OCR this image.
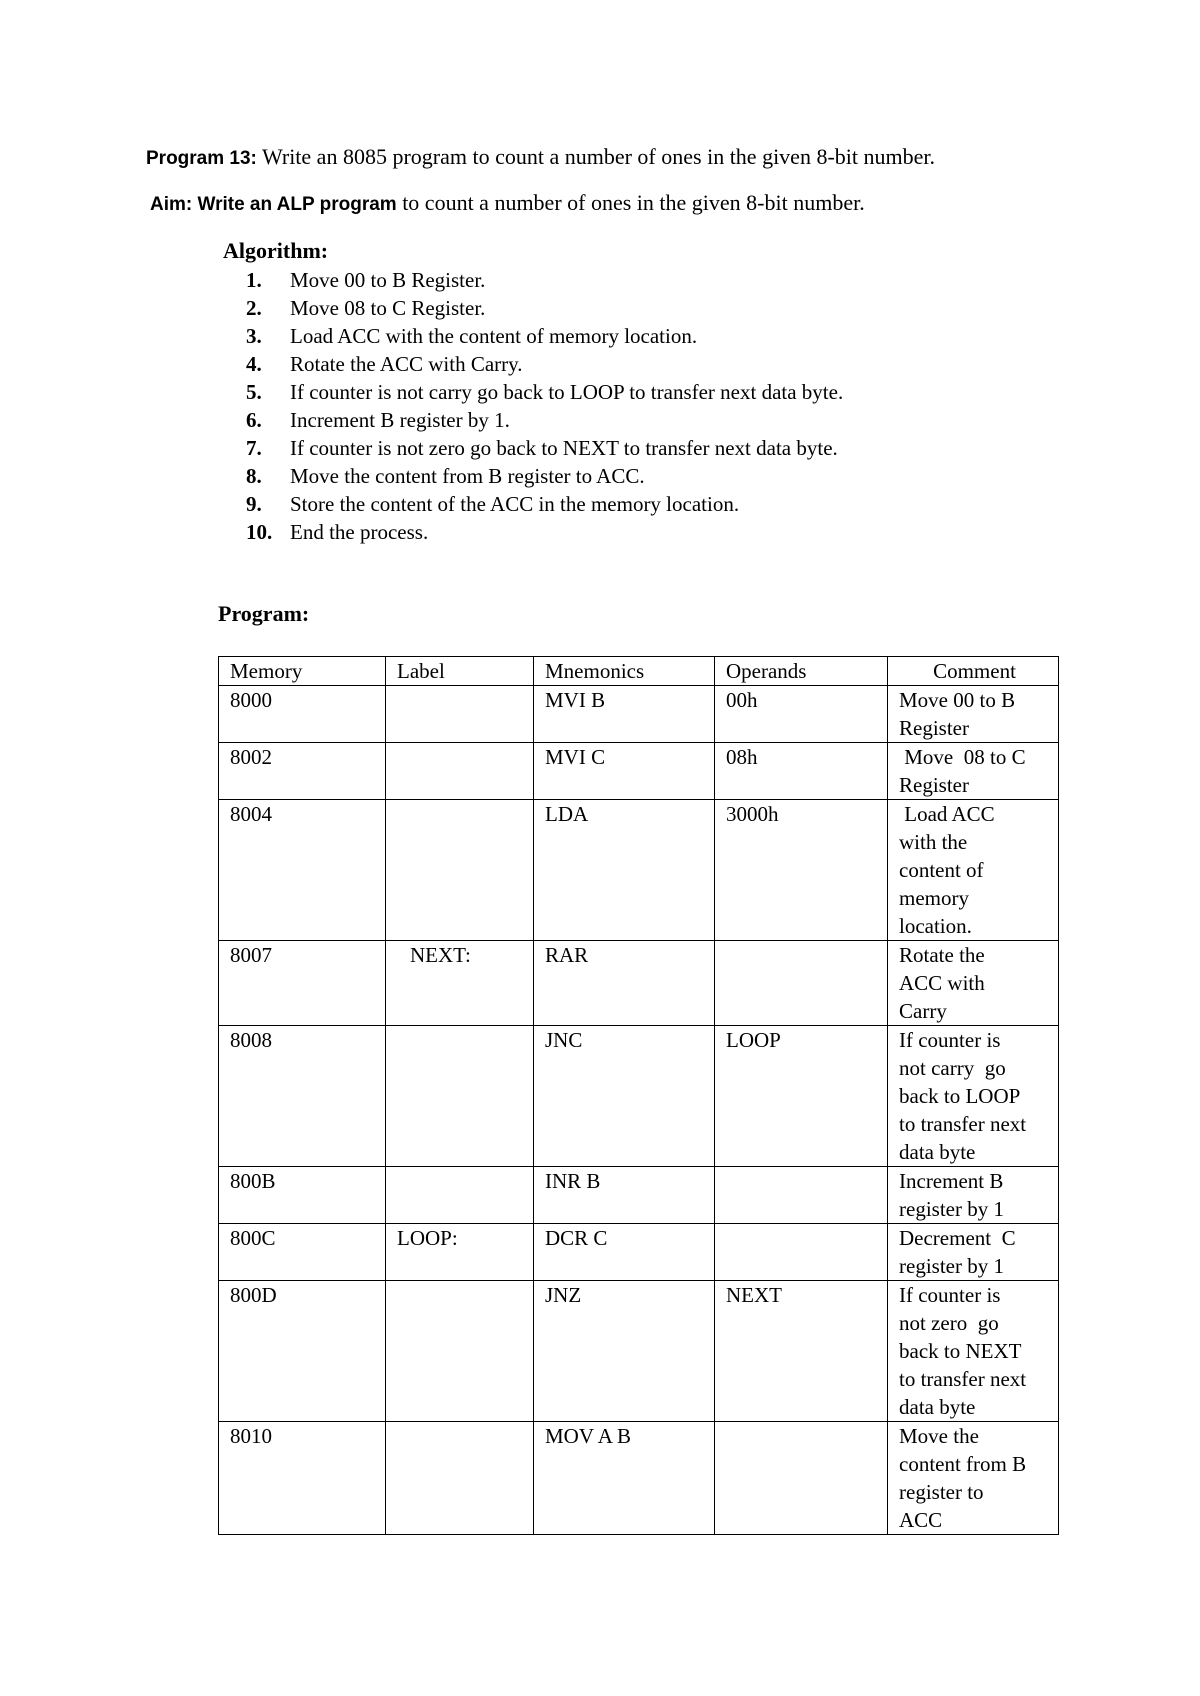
Program 13: Write an 8085 program to count a number of ones in the given 8-bit number.
Aim: Write an ALP program to count a number of ones in the given 8-bit number.
Algorithm:
1. Move 00 to B Register.
2. Move 08 to C Register.
3. Load ACC with the content of memory location.
4. Rotate the ACC with Carry.
5. If counter is not carry go back to LOOP to transfer next data byte.
6. Increment B register by 1.
7. If counter is not zero go back to NEXT to transfer next data byte.
8. Move the content from B register to ACC.
9. Store the content of the ACC in the memory location.
10. End the process.
Program:
Memory	Label	Mnemonics	Operands	Comment
8000		MVI B	00h	Move 00 to B
Register

8002		MVI C	08h	Move  08 to C
Register

8004		LDA	3000h	Load ACC
with the
content of
memory
location.

8007	NEXT:	RAR		Rotate the
ACC with
Carry

8008		JNC	LOOP	If counter is
not carry  go
back to LOOP
to transfer next
data byte

800B		INR B		Increment B
register by 1

800C	LOOP:	DCR C		Decrement  C
register by 1

800D		JNZ	NEXT	If counter is
not zero  go
back to NEXT
to transfer next
data byte

8010		MOV A B		Move the
content from B
register to
ACC
